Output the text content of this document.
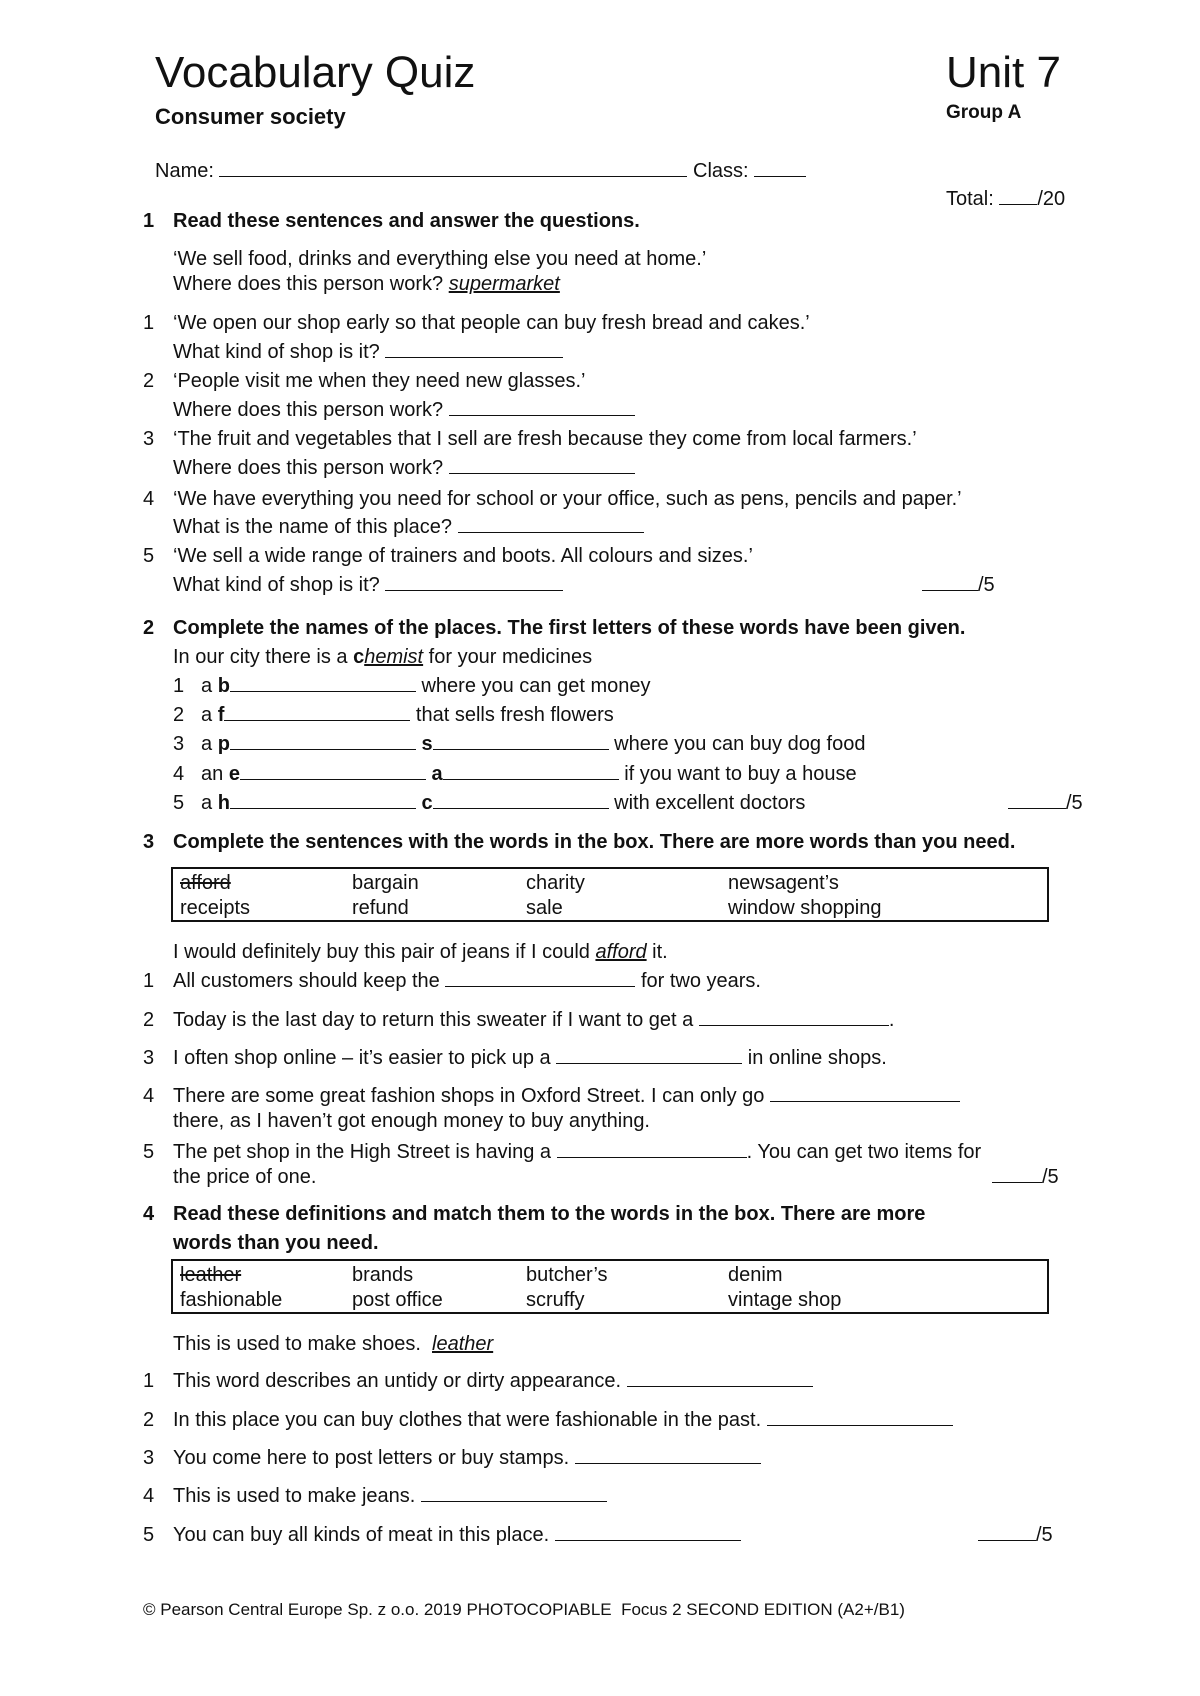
Vocabulary Quiz
Consumer society
Unit 7
Group A
Name:	Class:
Total: /20
1 Read these sentences and answer the questions.
‘We sell food, drinks and everything else you need at home.’
Where does this person work? supermarket
1 ‘We open our shop early so that people can buy fresh bread and cakes.’
What kind of shop is it?
2 ‘People visit me when they need new glasses.’
Where does this person work?
3 ‘The fruit and vegetables that I sell are fresh because they come from local farmers.’
Where does this person work?
4 ‘We have everything you need for school or your office, such as pens, pencils and paper.’
What is the name of this place?
5 ‘We sell a wide range of trainers and boots. All colours and sizes.’
What kind of shop is it?	/5
2 Complete the names of the places. The first letters of these words have been given.
In our city there is a chemist for your medicines
1 a b	where you can get money
2 a f	that sells fresh flowers
3 a p	s	where you can buy dog food
4 an e	a	if you want to buy a house
5 a h	c	with excellent doctors	/5
3 Complete the sentences with the words in the box. There are more words than you need.
afford	bargain	charity	newsagent’s
receipts	refund	sale	window shopping
I would definitely buy this pair of jeans if I could afford it.
1 All customers should keep the	for two years.
2 Today is the last day to return this sweater if I want to get a	.
3 I often shop online – it’s easier to pick up a	in online shops.
4 There are some great fashion shops in Oxford Street. I can only go
there, as I haven’t got enough money to buy anything.
5 The pet shop in the High Street is having a	. You can get two items for
the price of one.	/5
4 Read these definitions and match them to the words in the box. There are more
words than you need.
leather	brands	butcher’s	denim
fashionable	post office	scruffy	vintage shop
This is used to make shoes. leather
1 This word describes an untidy or dirty appearance.
2 In this place you can buy clothes that were fashionable in the past.
3 You come here to post letters or buy stamps.
4 This is used to make jeans.
5 You can buy all kinds of meat in this place.	/5
© Pearson Central Europe Sp. z o.o. 2019 PHOTOCOPIABLE Focus 2 SECOND EDITION (A2+/B1)
